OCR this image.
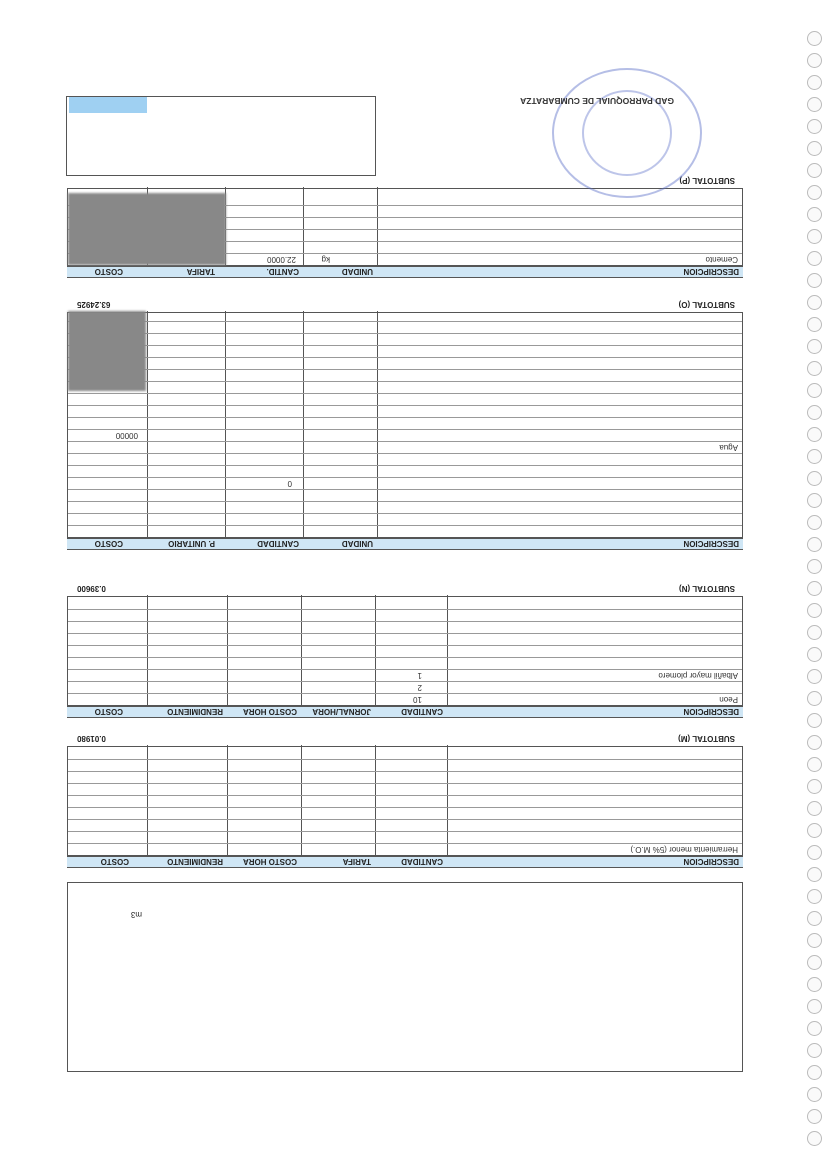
m3
DESCRIPCION
CANTIDAD
TARIFA
COSTO HORA
RENDIMIENTO
COSTO
Herramienta menor (5% M.O.)
SUBTOTAL (M)
0.01980
DESCRIPCION
CANTIDAD
JORNAL/HORA
COSTO HORA
RENDIMIENTO
COSTO
Peon
10
2
Albañil mayor plomero
1
SUBTOTAL (N)
0.39600
DESCRIPCION
UNIDAD
CANTIDAD
P. UNITARIO
COSTO
0
Agua
00000
SUBTOTAL (O)
63.24925
DESCRIPCION
UNIDAD
CANTID.
TARIFA
COSTO
Cemento
kg
22.0000
SUBTOTAL (P)
GAD PARROQUIAL DE CUMBARATZA
